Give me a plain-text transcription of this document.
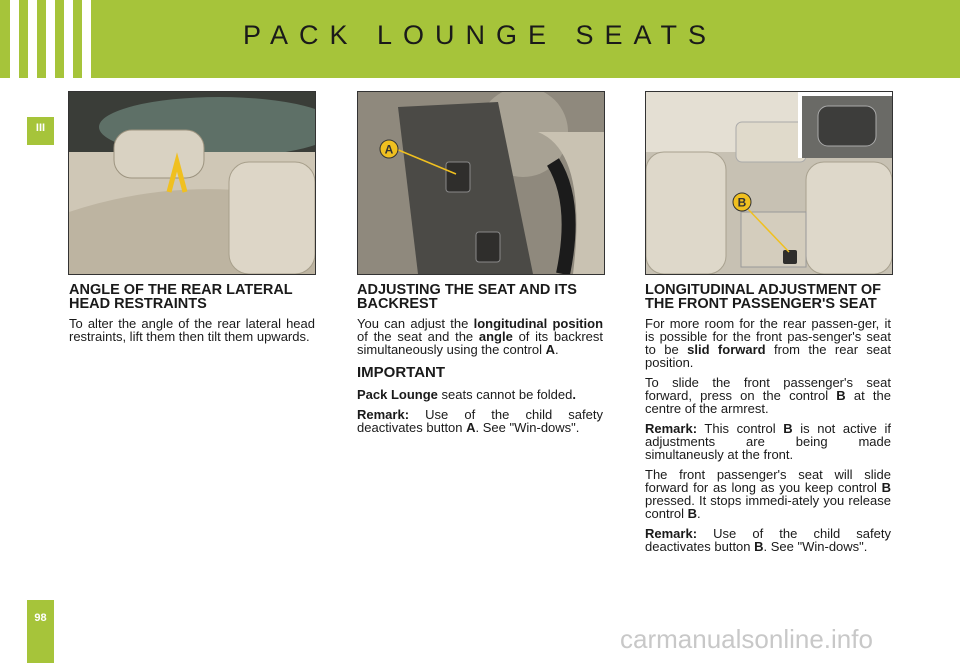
PACK LOUNGE SEATS
III
98
A
B
ANGLE OF THE REAR LATERAL HEAD RESTRAINTS

To alter the angle of the rear lateral head restraints, lift them then tilt them upwards.

ADJUSTING THE SEAT AND ITS BACKREST

You can adjust the longitudinal position of the seat and the angle of its backrest simultaneously using the control A.

IMPORTANT

Pack Lounge seats cannot be folded.

Remark: Use of the child safety deactivates button A. See "Win-dows".

LONGITUDINAL ADJUSTMENT OF THE FRONT PASSENGER'S SEAT

For more room for the rear passen-ger, it is possible for the front pas-senger's seat to be slid forward from the rear seat position.

To slide the front passenger's seat forward, press on the control B at the centre of the armrest.

Remark: This control B is not active if adjustments are being made simultaneusly at the front.

The front passenger's seat will slide forward for as long as you keep control B pressed. It stops immedi-ately you release control B.

Remark: Use of the child safety deactivates button B. See "Win-dows".

carmanualsonline.info
